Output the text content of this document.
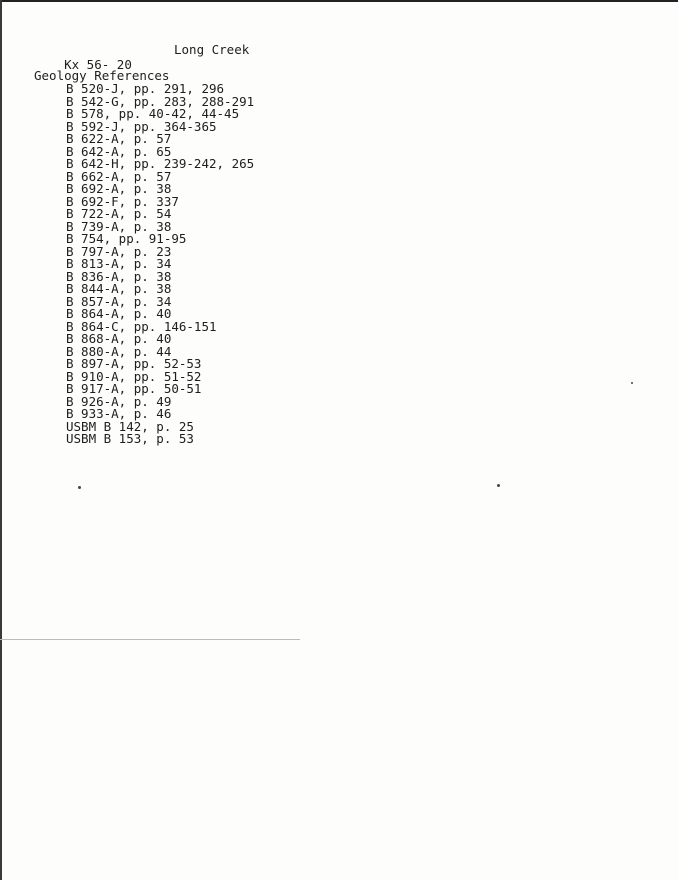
Kx 56- 20

Long Creek

Geology References
B 520-J, pp. 291, 296
B 542-G, pp. 283, 288-291
B 578, pp. 40-42, 44-45
B 592-J, pp. 364-365
B 622-A, p. 57
B 642-A, p. 65
B 642-H, pp. 239-242, 265
B 662-A, p. 57
B 692-A, p. 38
B 692-F, p. 337
B 722-A, p. 54
B 739-A, p. 38
B 754, pp. 91-95
B 797-A, p. 23
B 813-A, p. 34
B 836-A, p. 38
B 844-A, p. 38
B 857-A, p. 34
B 864-A, p. 40
B 864-C, pp. 146-151
B 868-A, p. 40
B 880-A, p. 44
B 897-A, pp. 52-53
B 910-A, pp. 51-52
B 917-A, pp. 50-51
B 926-A, p. 49
B 933-A, p. 46
USBM B 142, p. 25
USBM B 153, p. 53
